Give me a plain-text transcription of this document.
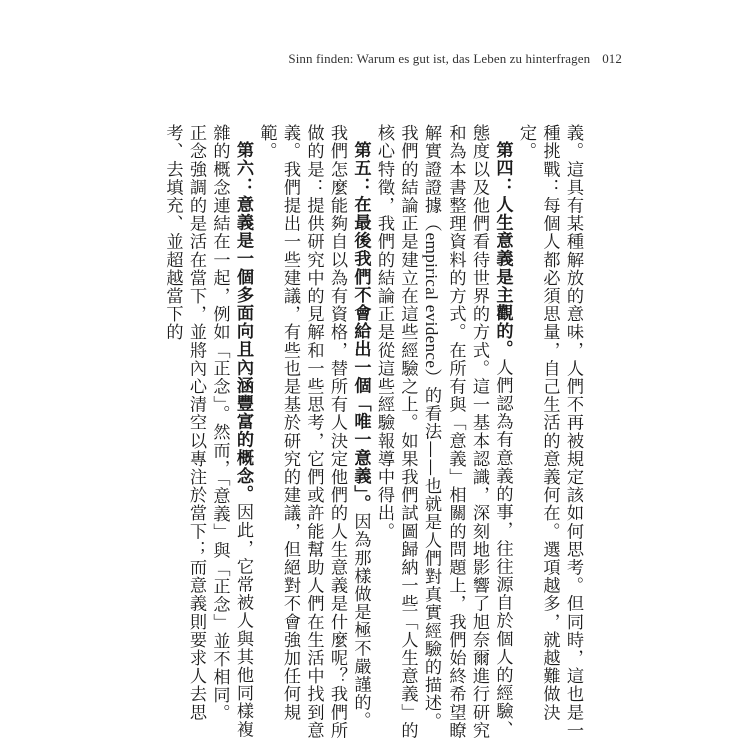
Sinn finden: Warum es gut ist, das Leben zu hinterfragen 012

義。這具有某種解放的意味，人們不再被規定該如何思考。但同時，這也是一種挑戰：每個人都必須思量，自己生活的意義何在。選項越多，就越難做決定。

第四：人生意義是主觀的。人們認為有意義的事，往往源自於個人的經驗、態度以及他們看待世界的方式。這一基本認識，深刻地影響了旭奈爾進行研究和為本書整理資料的方式。在所有與「意義」相關的問題上，我們始終希望瞭解實證證據（empirical evidence）的看法——也就是人們對真實經驗的描述。我們的結論正是建立在這些經驗之上。如果我們試圖歸納一些「人生意義」的核心特徵，我們的結論正是從這些經驗報導中得出。

第五：在最後我們不會給出一個「唯一意義」。因為那樣做是極不嚴謹的。我們怎麼能夠自以為有資格，替所有人決定他們的人生意義是什麼呢？我們所做的是：提供研究中的見解和一些思考，它們或許能幫助人們在生活中找到意義。我們提出一些建議，有些也是基於研究的建議，但絕對不會強加任何規範。

第六：意義是一個多面向且內涵豐富的概念。因此，它常被人與其他同樣複雜的概念連結在一起，例如「正念」。然而，「意義」與「正念」並不相同。正念強調的是活在當下，並將內心清空以專注於當下；而意義則要求人去思考、去填充、並超越當下的
